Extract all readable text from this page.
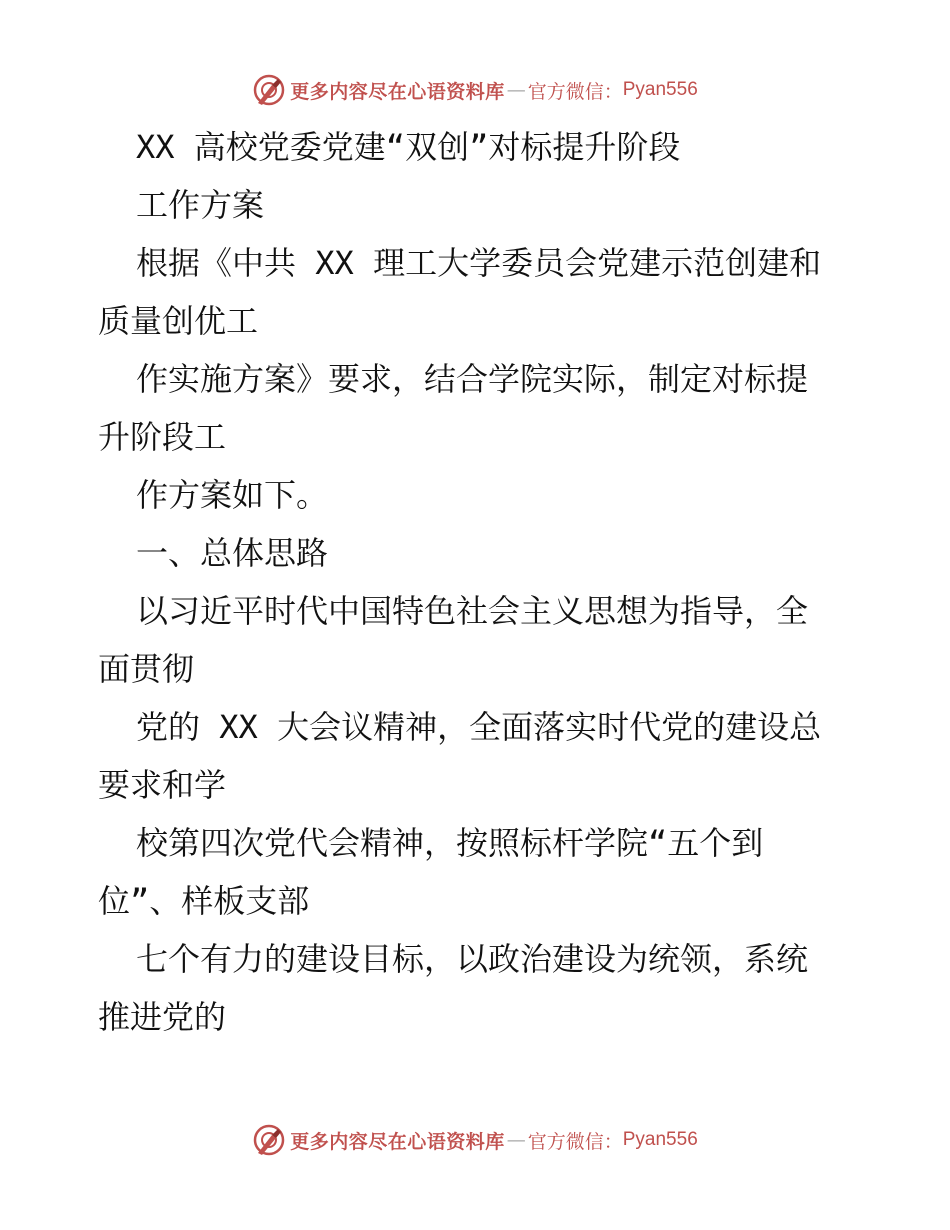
更多内容尽在心语资料库 — 官方微信： Pyan556
XX 高校党委党建“双创”对标提升阶段
工作方案
根据《中共 XX 理工大学委员会党建示范创建和
质量创优工
作实施方案》要求，结合学院实际，制定对标提
升阶段工
作方案如下。
一、总体思路
以习近平时代中国特色社会主义思想为指导，全
面贯彻
党的 XX 大会议精神，全面落实时代党的建设总
要求和学
校第四次党代会精神，按照标杆学院“五个到
位”、样板支部
七个有力的建设目标，以政治建设为统领，系统
推进党的
更多内容尽在心语资料库 — 官方微信： Pyan556
